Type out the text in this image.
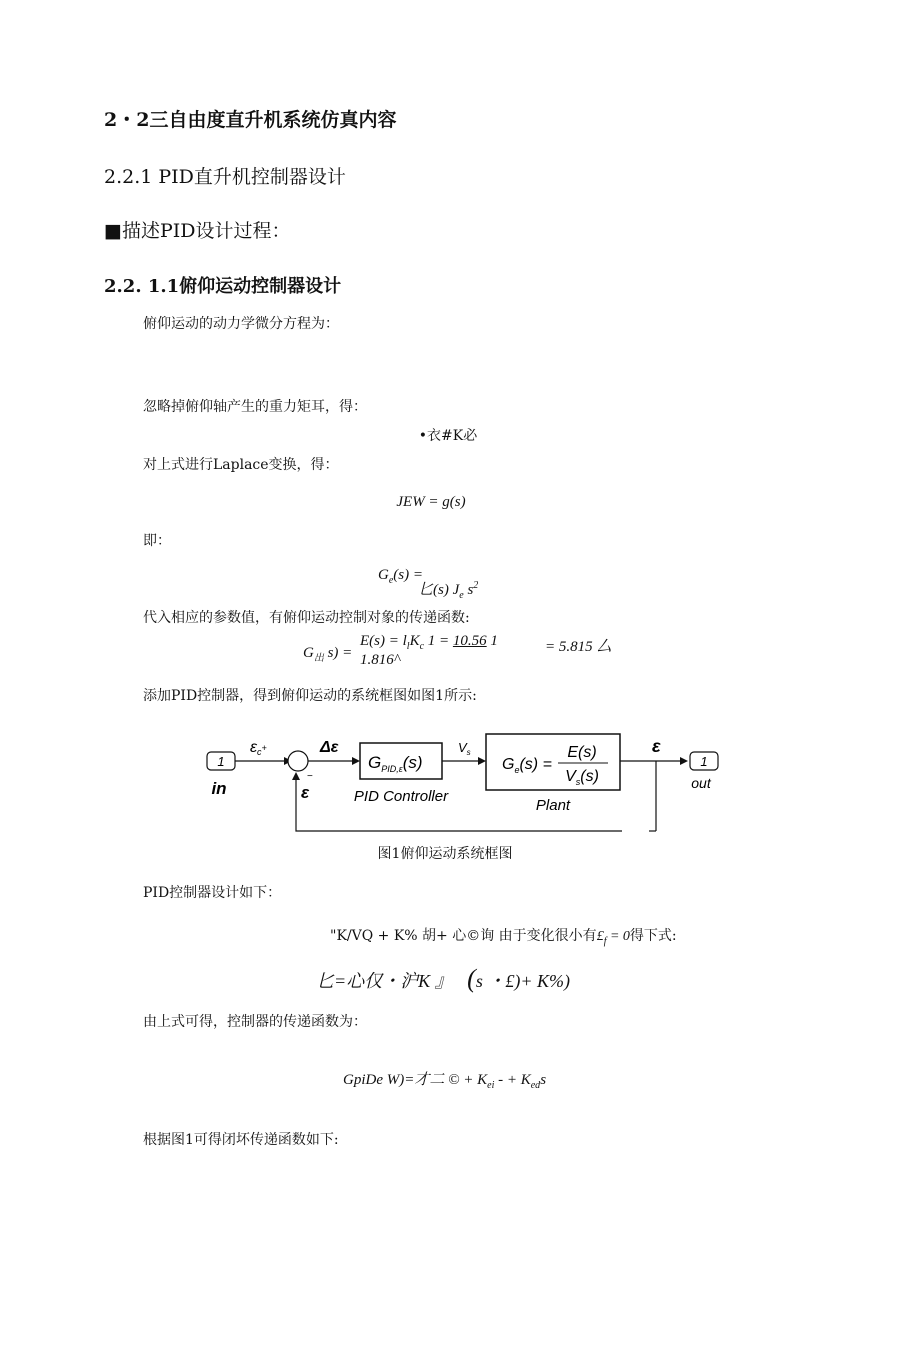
2・2三自由度直升机系统仿真内容
2.2.1 PID直升机控制器设计
■描述PID设计过程：
2.2. 1.1俯仰运动控制器设计
俯仰运动的动力学微分方程为：
忽略掉俯仰轴产生的重力矩耳，得：
•衣#K必
对上式进行Laplace变换，得：
JEW = g(s)
即：
$G_e(s)$ =
匕(s) $J_e$ $s^2$
代入相应的参数值，有俯仰运动控制对象的传递函数:
$G_出$ s) =
$E(s) = l_lK_c$ 1 = 10.56 1
1.816^
= 5.815 厶
添加PID控制器，得到俯仰运动的系统框图如图1所示:
1
in
εc+
−
Δε
$G_{PID,\varepsilon}(s)$
PID Controller
$V_s$
$G_e(s)$ =
E(s)
$V_s(s)$
Plant
ε
1
out
ε
图1俯仰运动系统框图
PID控制器设计如下：
"K/VQ + K% 胡+ 心©询 由于变化很小有$£_f = 0$得下式:
匕=心仅・沪K 』 (s ・£)+ K%)
由上式可得，控制器的传递函数为：
GpiDe W)=才二 © + $K_{ei}$ - + $K_{ed}s$
根据图1可得闭坏传递函数如下:
